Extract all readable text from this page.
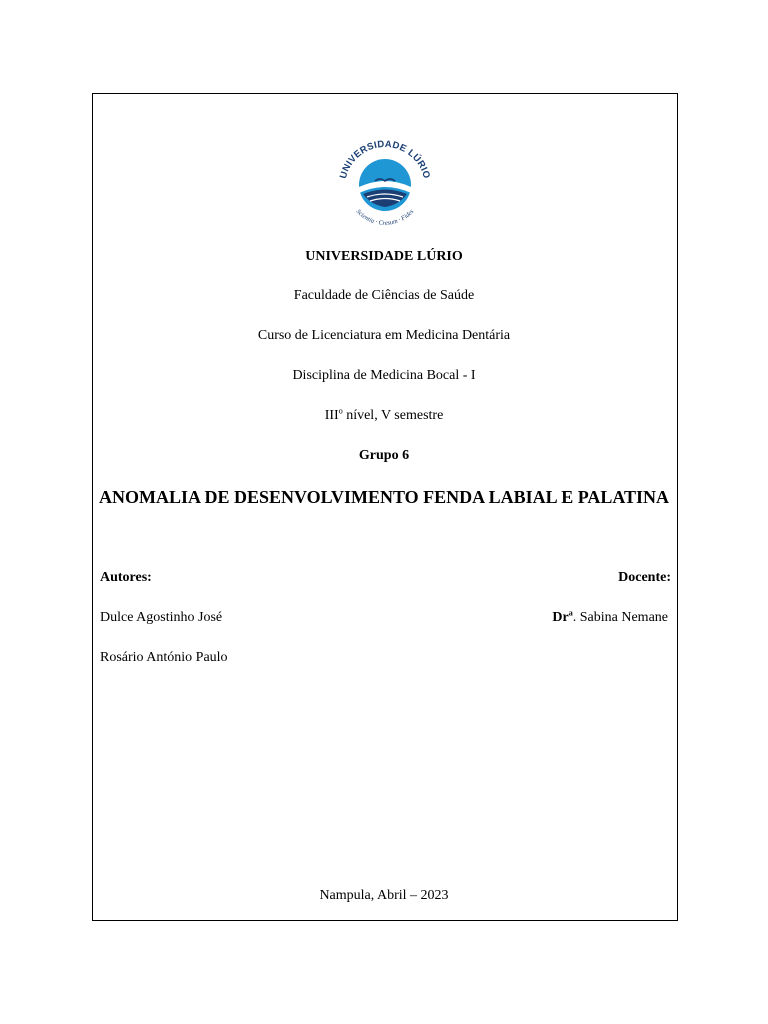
UNIVERSIDADE LÚRIO
Scientia · Cresum · Fides
UNIVERSIDADE LÚRIO
Faculdade de Ciências de Saúde
Curso de Licenciatura em Medicina Dentária
Disciplina de Medicina Bocal - I
III$^o$ nível, V semestre
Grupo 6
ANOMALIA DE DESENVOLVIMENTO FENDA LABIAL E PALATINA
Autores:
Dulce Agostinho José
Rosário António Paulo
Docente:
Dr$^a$. Sabina Nemane
Nampula, Abril – 2023
